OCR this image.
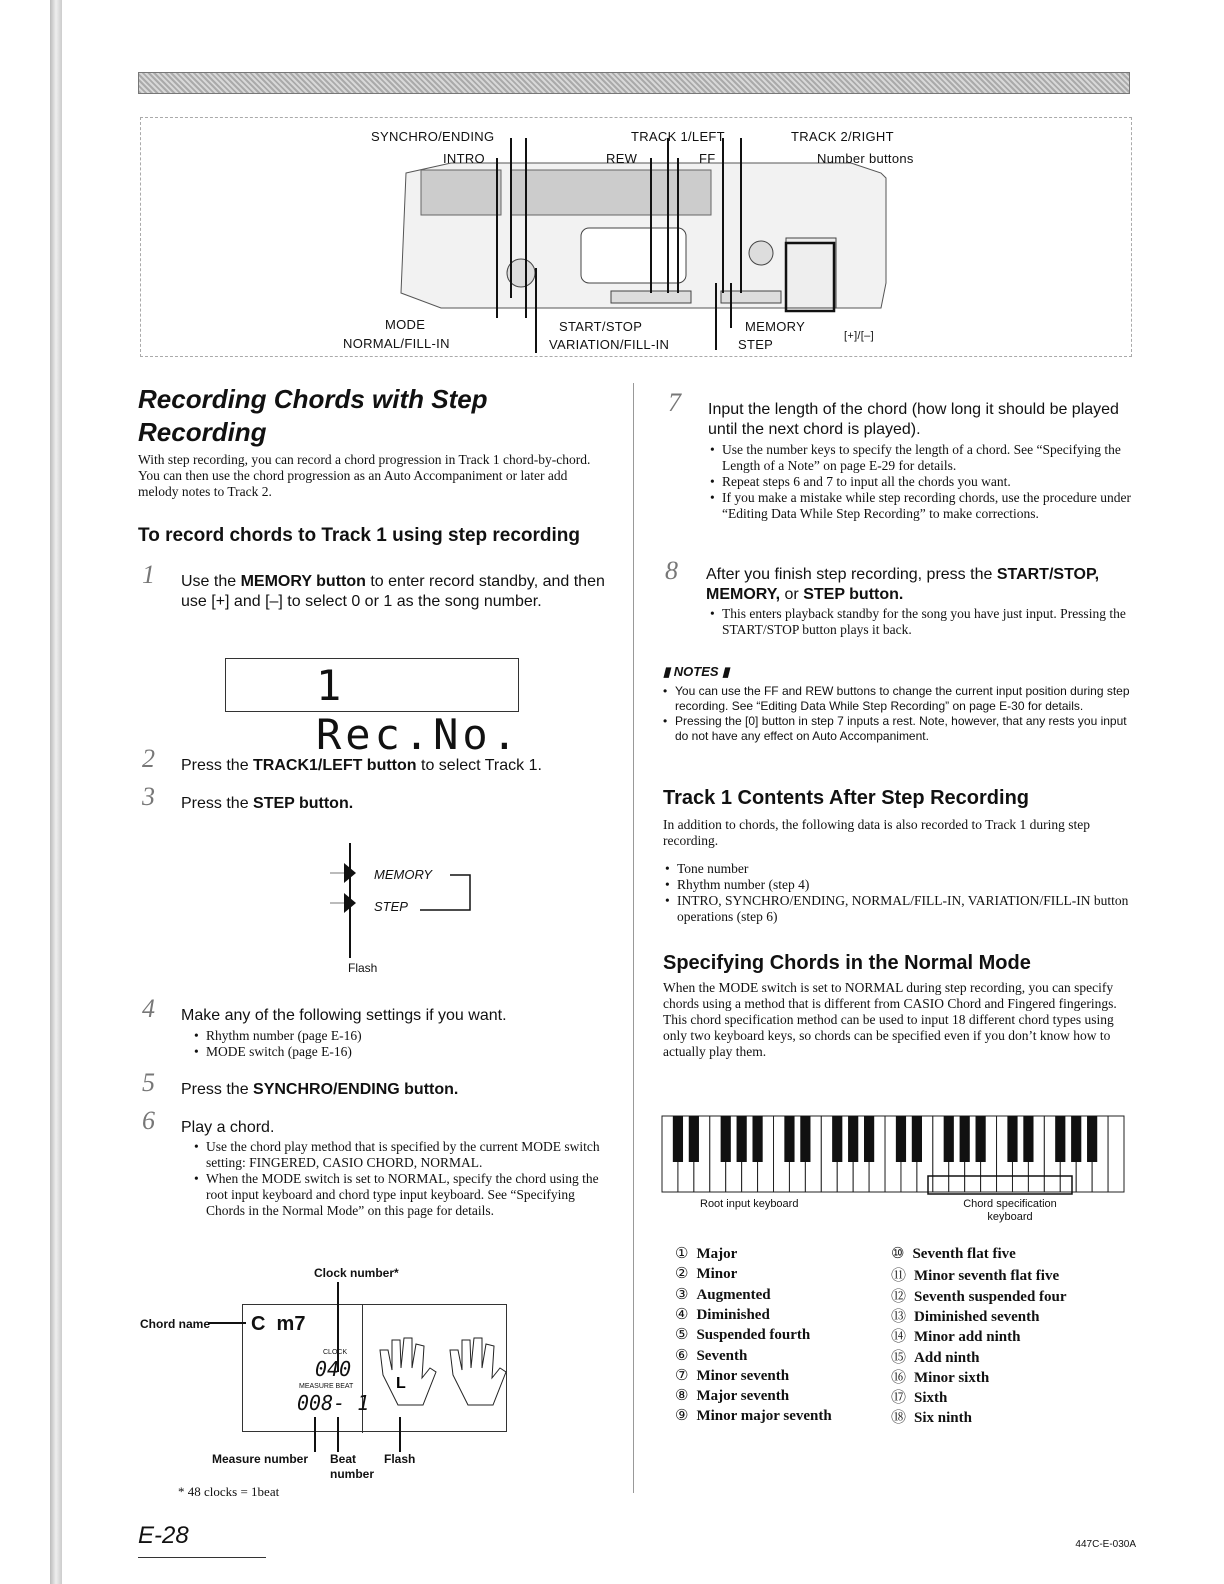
SYNCHRO/ENDING
INTRO
TRACK 1/LEFT
REW	FF
TRACK 2/RIGHT
Number buttons
MODE
NORMAL/FILL-IN
START/STOP
VARIATION/FILL-IN
MEMORY
STEP
[+]/[–]
Recording Chords with Step Recording

With step recording, you can record a chord progression in Track 1 chord-by-chord. You can then use the chord progression as an Auto Accompaniment or later add melody notes to Track 2.

To record chords to Track 1 using step recording
1 Use the MEMORY button to enter record standby, and then use [+] and [–] to select 0 or 1 as the song number.

1 Rec.No.
2 Press the TRACK1/LEFT button to select Track 1.

3 Press the STEP button.

MEMORY
STEP
Flash
4 Make any of the following settings if you want.

• Rhythm number (page E-16)
• MODE switch (page E-16)
5 Press the SYNCHRO/ENDING button.

6 Play a chord.

• Use the chord play method that is specified by the current MODE switch setting: FINGERED, CASIO CHORD, NORMAL.
• When the MODE switch is set to NORMAL, specify the chord using the root input keyboard and chord type input keyboard. See “Specifying Chords in the Normal Mode” on this page for details.
Clock number*
Chord name C  m7
CLOCK
040
MEASURE BEAT
008- 1
L
Measure number Beat number
Flash
* 48 clocks = 1beat
7 Input the length of the chord (how long it should be played until the next chord is played).

• Use the number keys to specify the length of a chord. See “Specifying the Length of a Note” on page E-29 for details.
• Repeat steps 6 and 7 to input all the chords you want.
• If you make a mistake while step recording chords, use the procedure under “Editing Data While Step Recording” to make corrections.
8 After you finish step recording, press the START/STOP, MEMORY, or STEP button.

• This enters playback standby for the song you have just input. Pressing the START/STOP button plays it back.

▮ NOTES ▮

• You can use the FF and REW buttons to change the current input position during step recording. See “Editing Data While Step Recording” on page E-30 for details.
• Pressing the [0] button in step 7 inputs a rest. Note, however, that any rests you input do not have any effect on Auto Accompaniment.
Track 1 Contents After Step Recording

In addition to chords, the following data is also recorded to Track 1 during step recording.

• Tone number
• Rhythm number (step 4)
• INTRO, SYNCHRO/ENDING, NORMAL/FILL-IN, VARIATION/FILL-IN button operations (step 6)
Specifying Chords in the Normal Mode

When the MODE switch is set to NORMAL during step recording, you can specify chords using a method that is different from CASIO Chord and Fingered fingerings. This chord specification method can be used to input 18 different chord types using only two keyboard keys, so chords can be specified even if you don’t know how to actually play them.

Root input keyboard	Chord specification keyboard
① Major
② Minor
③ Augmented
④ Diminished
⑤ Suspended fourth
⑥ Seventh
⑦ Minor seventh
⑧ Major seventh
⑨ Minor major seventh
⑩ Seventh flat five
⑪ Minor seventh flat five
⑫ Seventh suspended four
⑬ Diminished seventh
⑭ Minor add ninth
⑮ Add ninth
⑯ Minor sixth
⑰ Sixth
⑱ Six ninth
E-28	447C-E-030A
